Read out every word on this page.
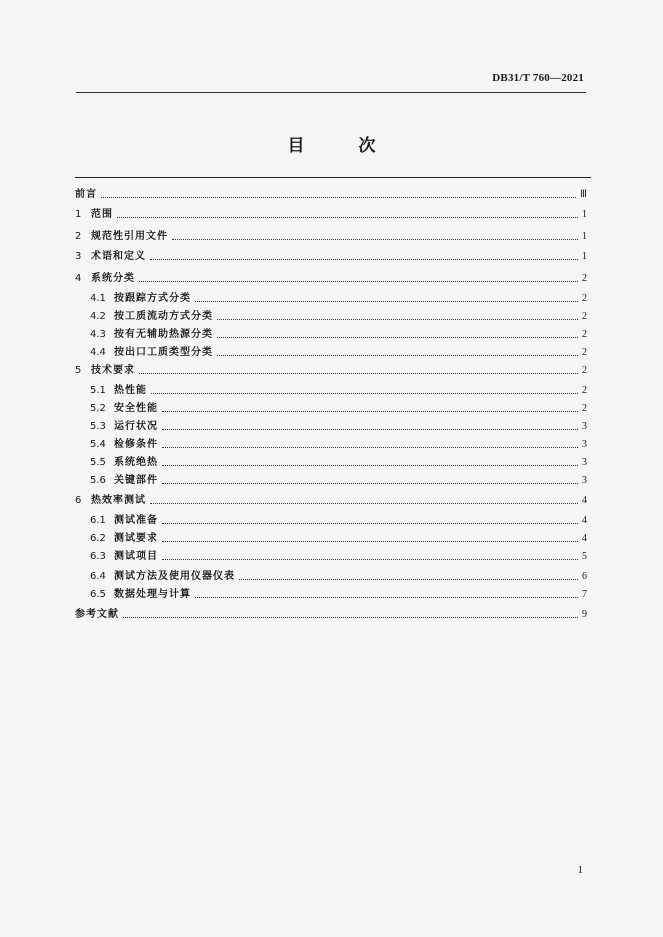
DB31/T 760—2021
目 次
前言	Ⅲ
1 范围	1
2 规范性引用文件	1
3 术语和定义	1
4 系统分类	2
4.1 按跟踪方式分类	2
4.2 按工质流动方式分类	2
4.3 按有无辅助热源分类	2
4.4 按出口工质类型分类	2
5 技术要求	2
5.1 热性能	2
5.2 安全性能	2
5.3 运行状况	3
5.4 检修条件	3
5.5 系统绝热	3
5.6 关键部件	3
6 热效率测试	4
6.1 测试准备	4
6.2 测试要求	4
6.3 测试项目	5
6.4 测试方法及使用仪器仪表	6
6.5 数据处理与计算	7
参考文献	9
1
